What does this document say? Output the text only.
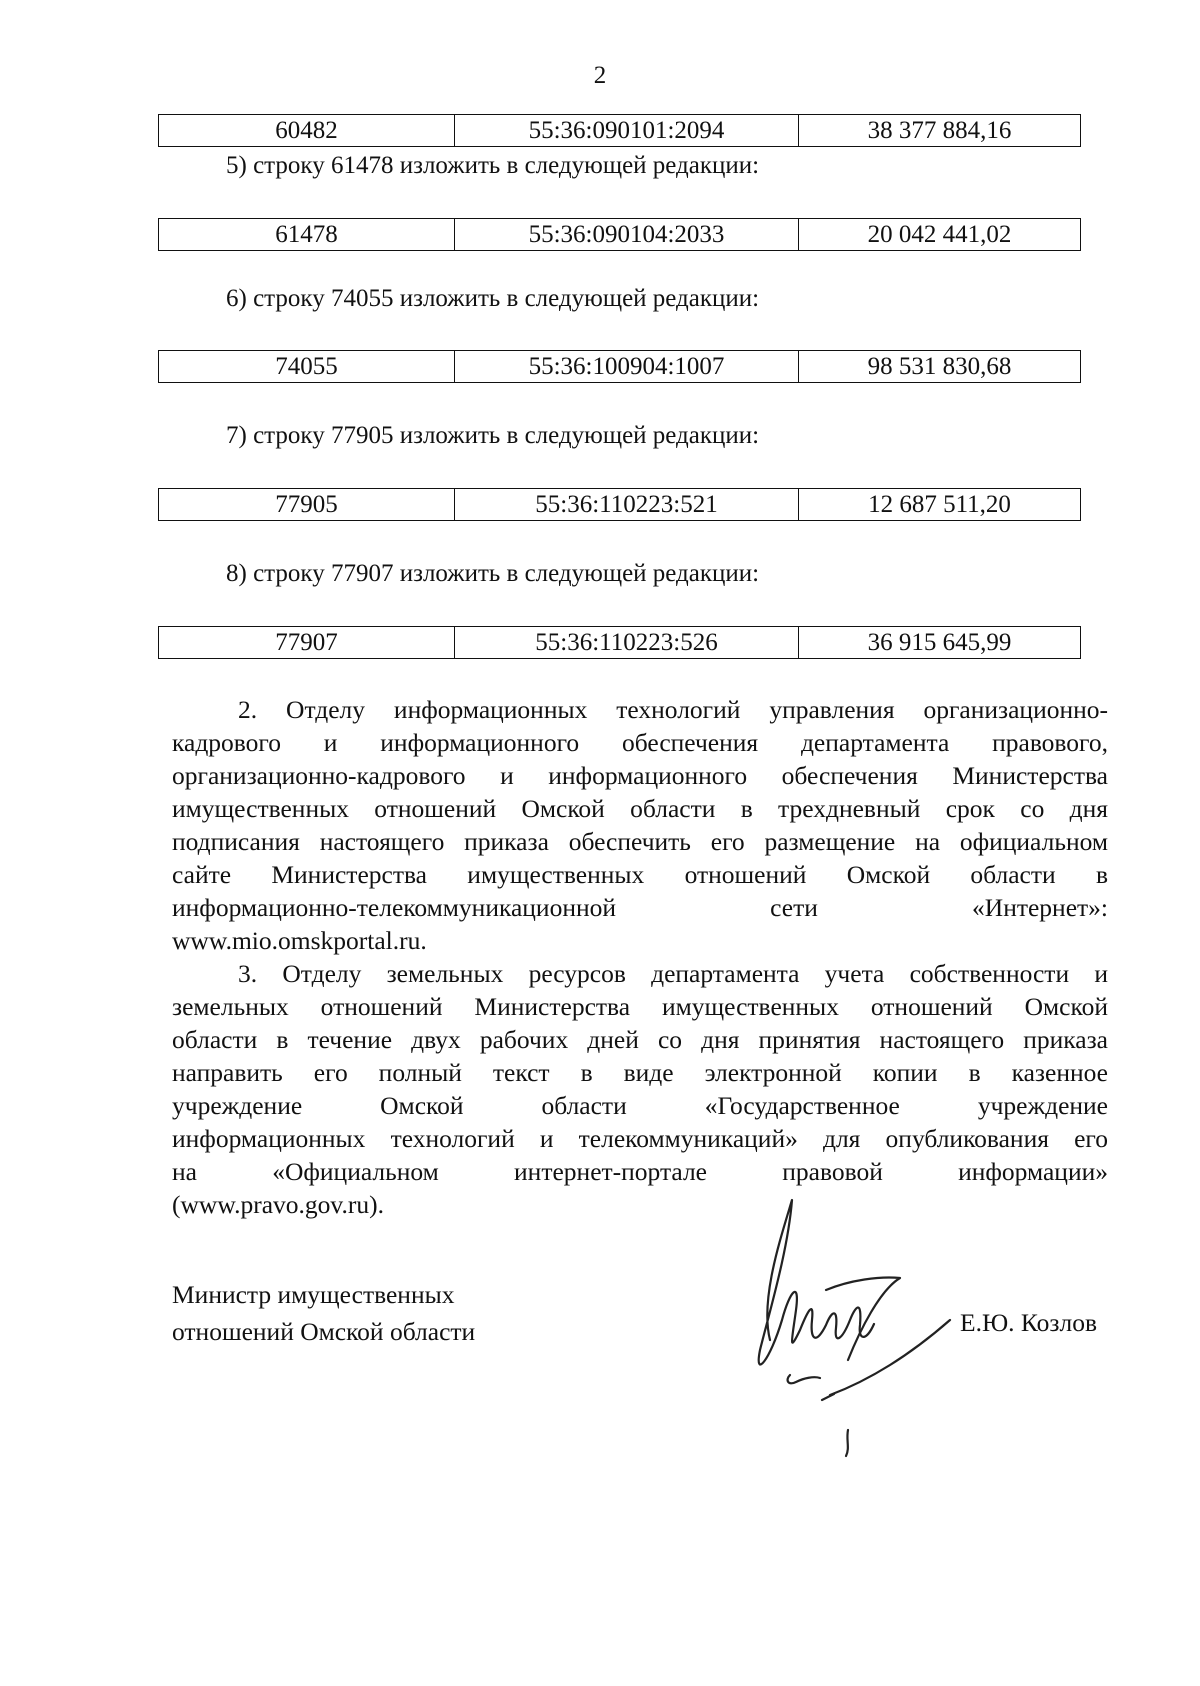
2
60482	55:36:090101:2094	38 377 884,16
5) строку 61478 изложить в следующей редакции:
61478	55:36:090104:2033	20 042 441,02
6) строку 74055 изложить в следующей редакции:
74055	55:36:100904:1007	98 531 830,68
7) строку 77905 изложить в следующей редакции:
77905	55:36:110223:521	12 687 511,20
8) строку 77907 изложить в следующей редакции:
77907	55:36:110223:526	36 915 645,99

2. Отделу информационных технологий управления организационно-

кадрового и информационного обеспечения департамента правового,

организационно-кадрового и информационного обеспечения Министерства

имущественных отношений Омской области в трехдневный срок со дня

подписания настоящего приказа обеспечить его размещение на официальном

сайте Министерства имущественных отношений Омской области в

информационно-телекоммуникационной сети «Интернет»:

www.mio.omskportal.ru.

3. Отделу земельных ресурсов департамента учета собственности и

земельных отношений Министерства имущественных отношений Омской

области в течение двух рабочих дней со дня принятия настоящего приказа

направить его полный текст в виде электронной копии в казенное

учреждение Омской области «Государственное учреждение

информационных технологий и телекоммуникаций» для опубликования его

на «Официальном интернет-портале правовой информации»

(www.pravo.gov.ru).

Министр имущественных
отношений Омской области	Е.Ю. Козлов
